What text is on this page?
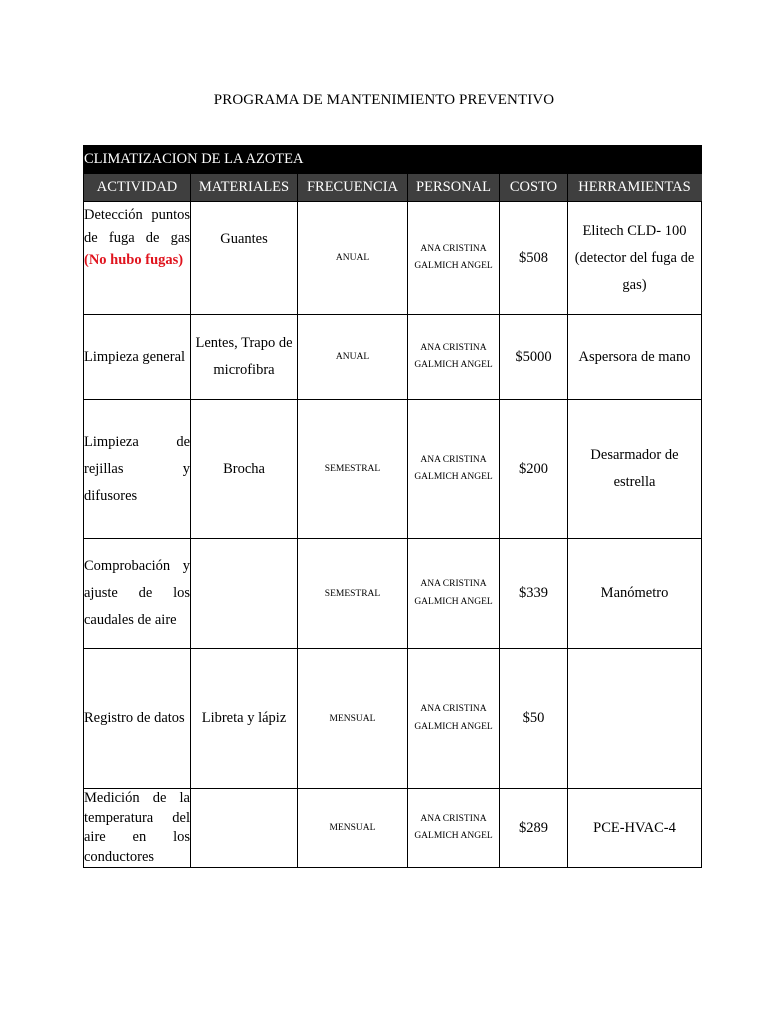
PROGRAMA DE MANTENIMIENTO PREVENTIVO
CLIMATIZACION DE LA AZOTEA					
ACTIVIDAD	MATERIALES	FRECUENCIA	PERSONAL	COSTO	HERRAMIENTAS
Detección puntos de fuga de gas (No hubo fugas)	Guantes	ANUAL	ANA CRISTINA GALMICH ANGEL	$508	Elitech CLD- 100 (detector del fuga de gas)
Limpieza general	Lentes, Trapo de microfibra	ANUAL	ANA CRISTINA GALMICH ANGEL	$5000	Aspersora de mano
Limpieza de rejillas y difusores	Brocha	SEMESTRAL	ANA CRISTINA GALMICH ANGEL	$200	Desarmador de estrella
Comprobación y ajuste de los caudales de aire		SEMESTRAL	ANA CRISTINA GALMICH ANGEL	$339	Manómetro
Registro de datos	Libreta y lápiz	MENSUAL	ANA CRISTINA GALMICH ANGEL	$50	
Medición de la temperatura del aire en los conductores		MENSUAL	ANA CRISTINA GALMICH ANGEL	$289	PCE-HVAC-4
